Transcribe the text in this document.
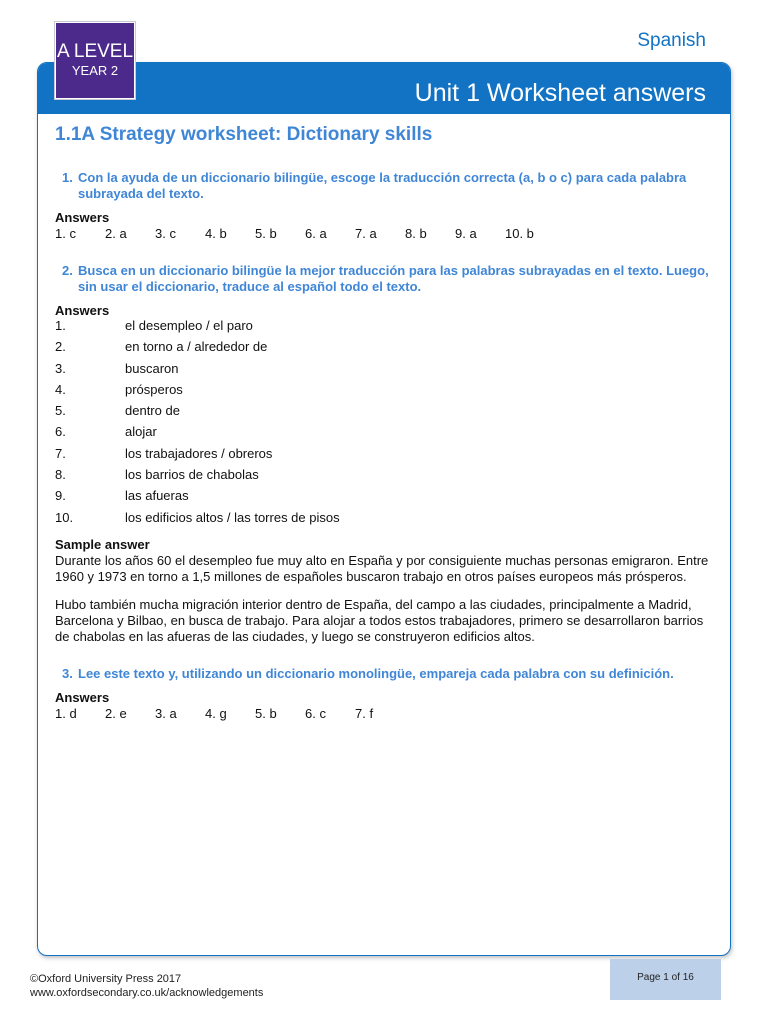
Spanish
Unit 1 Worksheet answers
A LEVEL
YEAR 2
1.1A Strategy worksheet: Dictionary skills
1. Con la ayuda de un diccionario bilingüe, escoge la traducción correcta (a, b o c) para cada palabra subrayada del texto.
Answers
1. c	2. a	3. c	4. b	5. b	6. a	7. a	8. b	9. a	10. b
2. Busca en un diccionario bilingüe la mejor traducción para las palabras subrayadas en el texto. Luego, sin usar el diccionario, traduce al español todo el texto.
Answers
1.	el desempleo / el paro
2.	en torno a / alrededor de
3.	buscaron
4.	prósperos
5.	dentro de
6.	alojar
7.	los trabajadores / obreros
8.	los barrios de chabolas
9.	las afueras
10.	los edificios altos / las torres de pisos
Sample answer
Durante los años 60 el desempleo fue muy alto en España y por consiguiente muchas personas emigraron. Entre 1960 y 1973 en torno a 1,5 millones de españoles buscaron trabajo en otros países europeos más prósperos.
Hubo también mucha migración interior dentro de España, del campo a las ciudades, principalmente a Madrid, Barcelona y Bilbao, en busca de trabajo. Para alojar a todos estos trabajadores, primero se desarrollaron barrios de chabolas en las afueras de las ciudades, y luego se construyeron edificios altos.
3. Lee este texto y, utilizando un diccionario monolingüe, empareja cada palabra con su definición.
Answers
1. d	2. e	3. a	4. g	5. b	6. c	7. f
©Oxford University Press 2017
www.oxfordsecondary.co.uk/acknowledgements
Page 1 of 16
